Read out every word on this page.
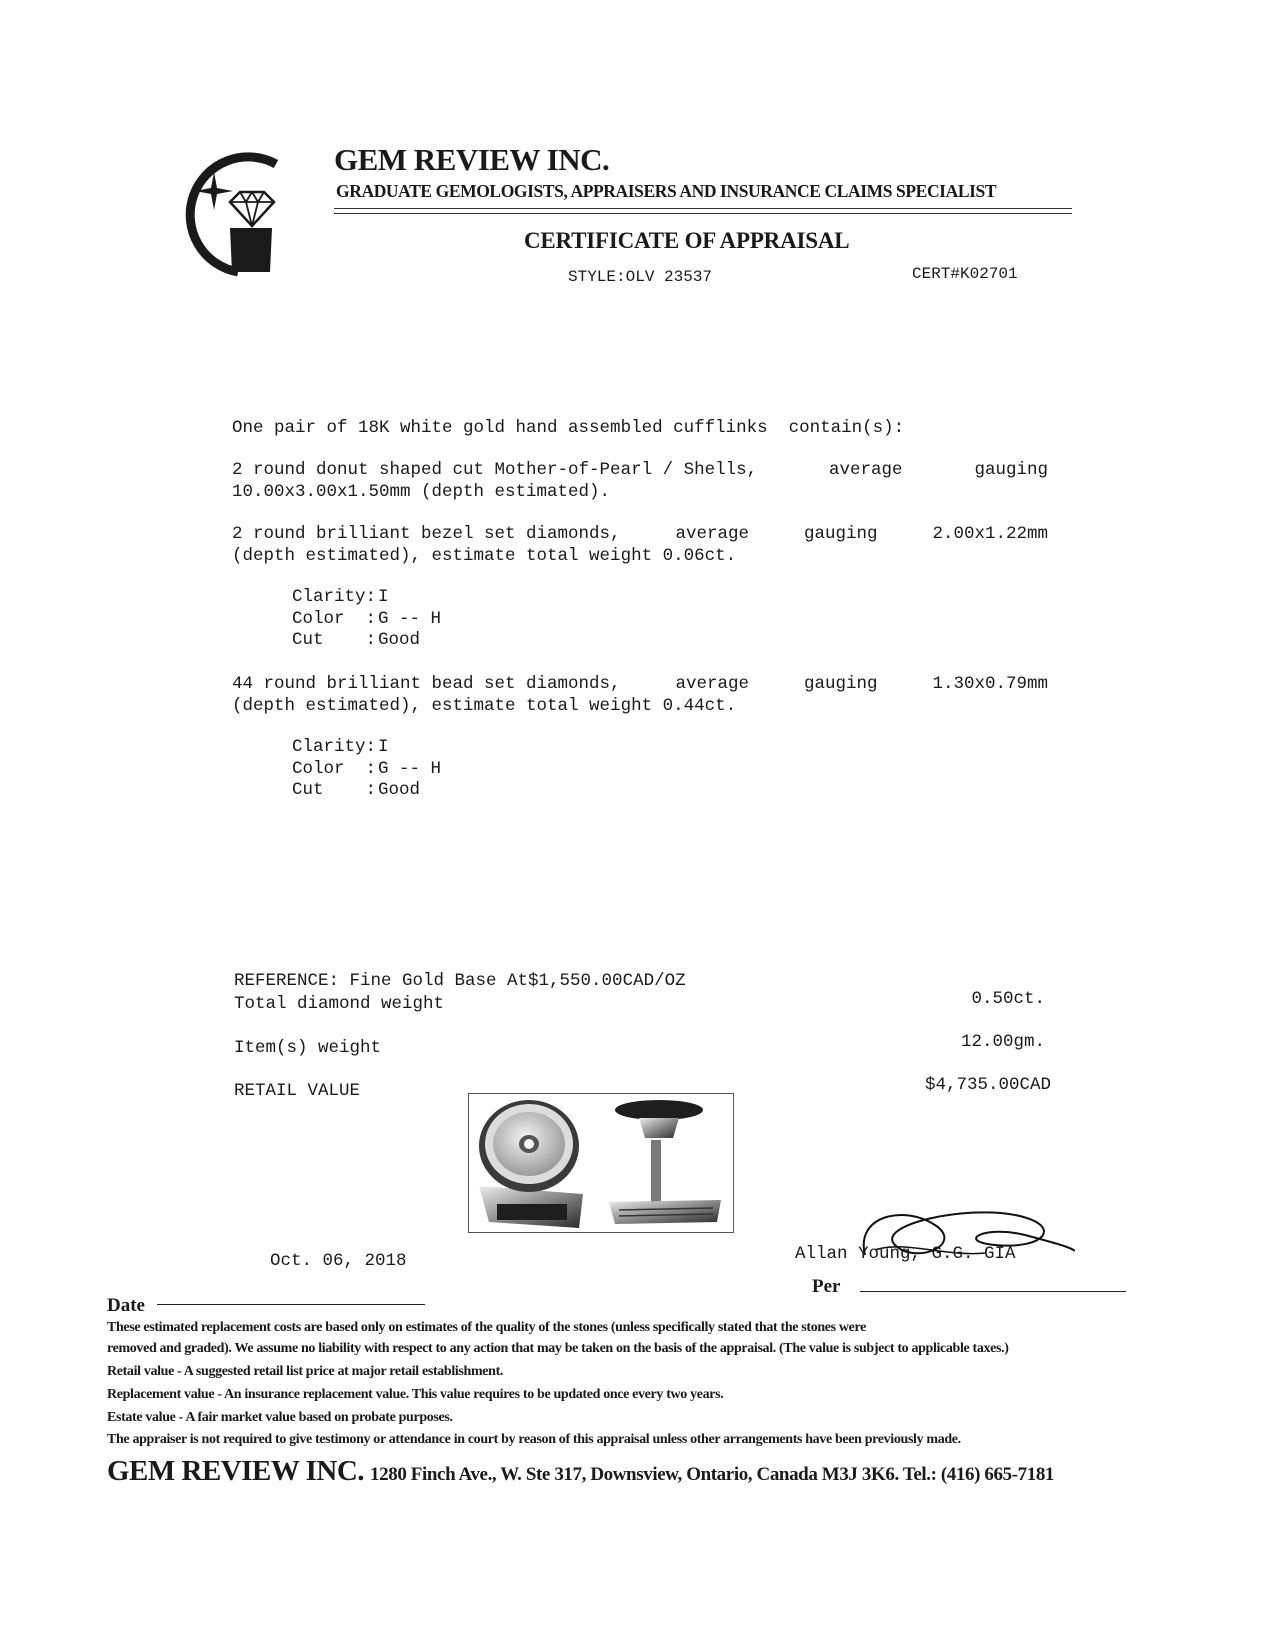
GEM REVIEW INC.
GRADUATE GEMOLOGISTS, APPRAISERS AND INSURANCE CLAIMS SPECIALIST
CERTIFICATE OF APPRAISAL
STYLE:OLV 23537	CERT#K02701
One pair of 18K white gold hand assembled cufflinks  contain(s):
2 round donut shaped cut Mother-of-Pearl / Shells,	average	gauging
10.00x3.00x1.50mm (depth estimated).
2 round brilliant bezel set diamonds,	average	gauging	2.00x1.22mm
(depth estimated), estimate total weight 0.06ct.
Clarity: I
Color  : G -- H
Cut    : Good
44 round brilliant bead set diamonds,	average	gauging	1.30x0.79mm
(depth estimated), estimate total weight 0.44ct.
Clarity: I
Color  : G -- H
Cut    : Good
REFERENCE: Fine Gold Base At$1,550.00CAD/OZ
Total diamond weight	0.50ct.
Item(s) weight	12.00gm.
RETAIL VALUE	$4,735.00CAD
Oct. 06, 2018	Allan Young, G.G. GIA
Per
Date
These estimated replacement costs are based only on estimates of the quality of the stones (unless specifically stated that the stones were
removed and graded). We assume no liability with respect to any action that may be taken on the basis of the appraisal. (The value is subject to applicable taxes.)
Retail value - A suggested retail list price at major retail establishment.
Replacement value - An insurance replacement value. This value requires to be updated once every two years.
Estate value - A fair market value based on probate purposes.
The appraiser is not required to give testimony or attendance in court by reason of this appraisal unless other arrangements have been previously made.
GEM REVIEW INC. 1280 Finch Ave., W. Ste 317, Downsview, Ontario, Canada M3J 3K6. Tel.: (416) 665-7181
